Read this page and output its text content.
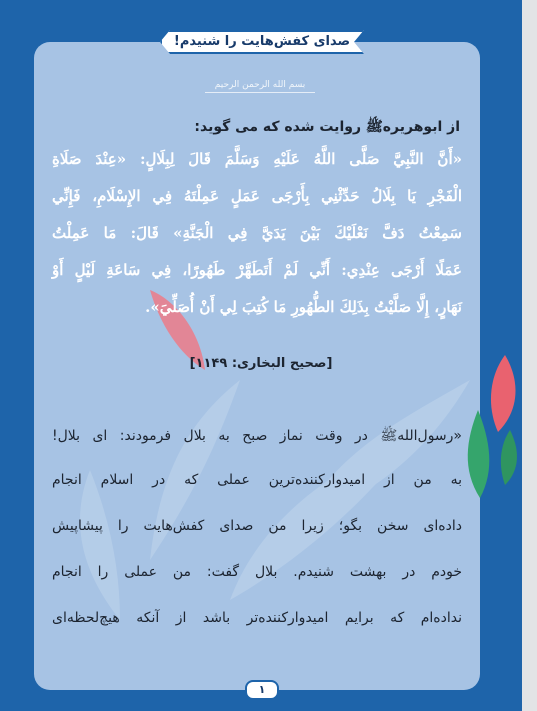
صدای کفش‌هایت را شنیدم!
بسم الله الرحمن الرحیم
از ابوهریره‌ﷺ روایت شده که می گوید:
«أَنَّ النَّبِيَّ صَلَّى اللَّهُ عَلَيْهِ وَسَلَّمَ قَالَ لِبِلَالٍ: «عِنْدَ صَلَاةِ
الْفَجْرِ يَا بِلَالُ حَدِّثْنِي بِأَرْجَى عَمَلٍ عَمِلْتَهُ فِي الإِسْلَامِ، فَإِنِّي
سَمِعْتُ دَفَّ نَعْلَيْكَ بَيْنَ يَدَيَّ فِي الْجَنَّةِ» قَالَ: مَا عَمِلْتُ
عَمَلًا أَرْجَى عِنْدِي: أَنِّي لَمْ أَتَطَهَّرْ طَهُورًا، فِي سَاعَةِ لَيْلٍ أَوْ
نَهَارٍ، إِلَّا صَلَّيْتُ بِذَلِكَ الطُّهُورِ مَا كُتِبَ لِي أَنْ أُصَلِّيَ».
[صحیح البخاری: ۱۱۴۹]
«رسول‌الله‌ﷺ در وقت نماز صبح به بلال فرمودند: ای بلال!
به من از امیدوارکننده‌ترین عملی که در اسلام انجام
داده‌ای سخن بگو؛ زیرا من صدای کفش‌هایت را پیشاپیش
خودم در بهشت شنیدم. بلال گفت: من عملی را انجام
نداده‌ام که برایم امیدوارکننده‌تر باشد از آنکه هیچ‌لحظه‌ای
۱
